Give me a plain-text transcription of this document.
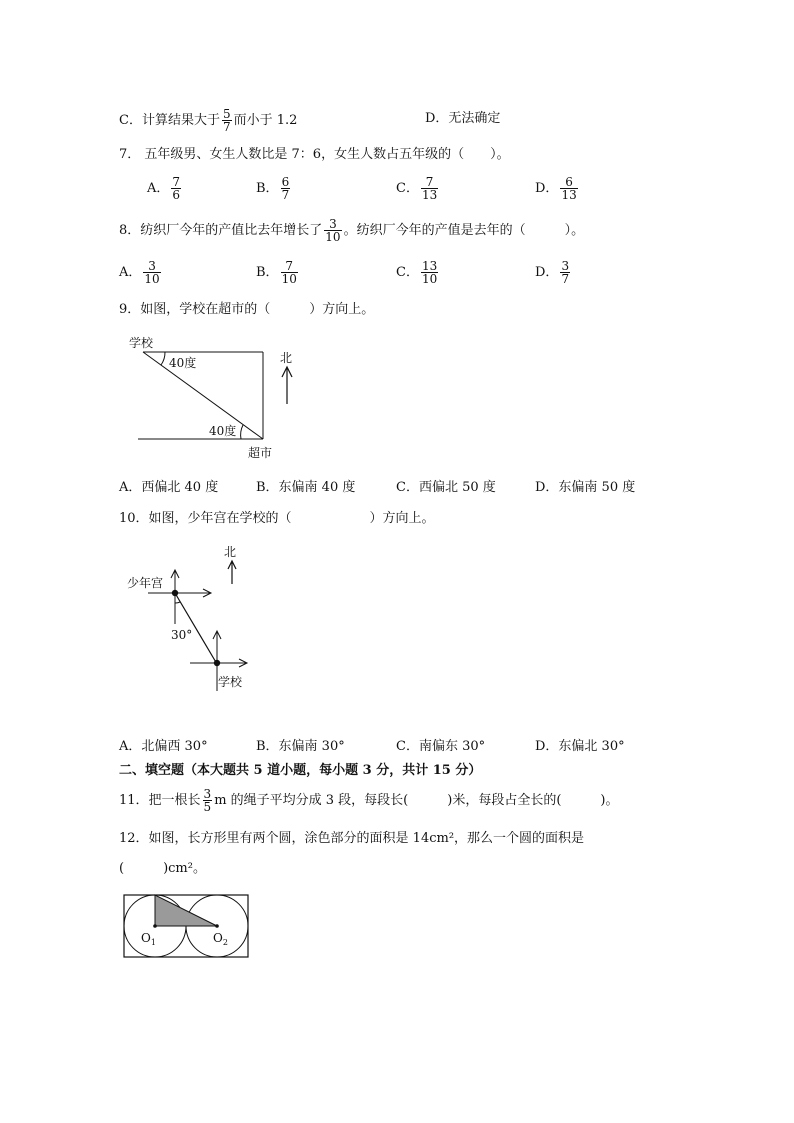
C．计算结果大于 $\frac{5}{7}$ 而小于 1.2	D．无法确定
7． 五年级男、女生人数比是 7：6，女生人数占五年级的（　　）。
A． $\frac{7}{6}$	B． $\frac{6}{7}$	C． $\frac{7}{13}$	D． $\frac{6}{13}$
8．纺织厂今年的产值比去年增长了 $\frac{3}{10}$ 。纺织厂今年的产值是去年的（　　　）。
A． $\frac{3}{10}$	B． $\frac{7}{10}$	C． $\frac{13}{10}$	D． $\frac{3}{7}$
9．如图，学校在超市的（　　　）方向上。
学校
40度
40度
北
超市
A．西偏北 40 度	B．东偏南 40 度	C．西偏北 50 度	D．东偏南 50 度
10．如图，少年宫在学校的（　　　　　　）方向上。
北
少年宫
30°
学校
A．北偏西 30°	B．东偏南 30°	C．南偏东 30°	D．东偏北 30°
二、填空题（本大题共 5 道小题，每小题 3 分，共计 15 分）
11．把一根长 $\frac{3}{5}$ m 的绳子平均分成 3 段，每段长(　　　)米，每段占全长的(　　　)。
12．如图，长方形里有两个圆，涂色部分的面积是 14cm²，那么一个圆的面积是
(　　　)cm²。
$O_1$	$O_2$
